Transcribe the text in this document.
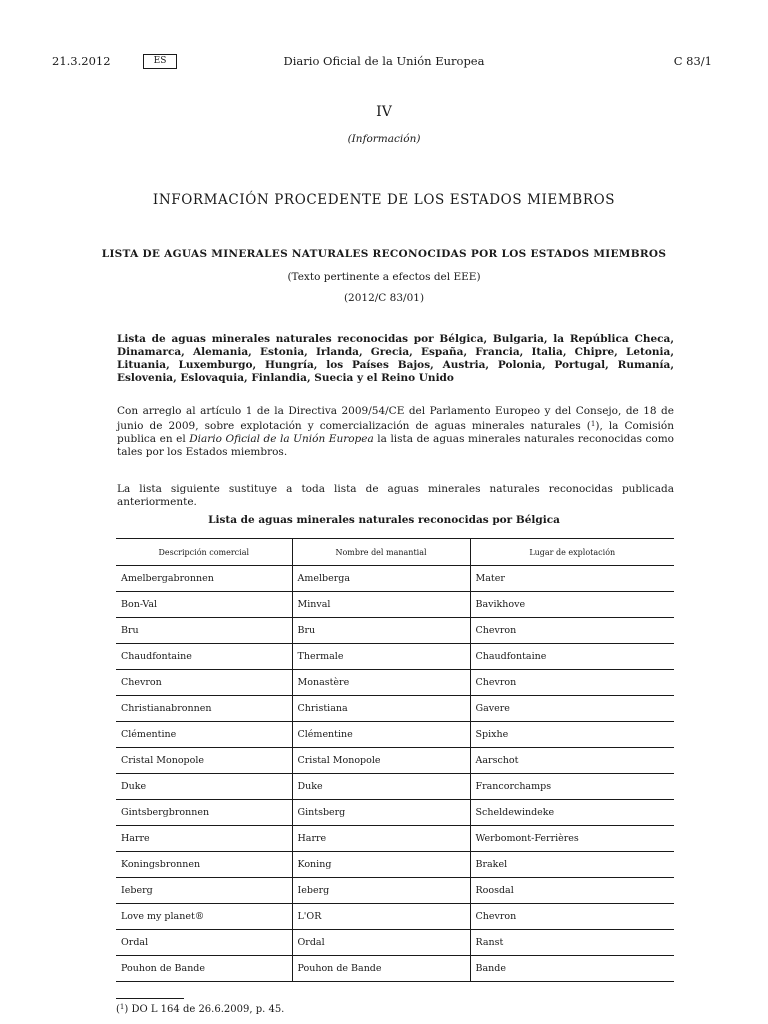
21.3.2012	ES	Diario Oficial de la Unión Europea	C 83/1
IV
(Información)
INFORMACIÓN PROCEDENTE DE LOS ESTADOS MIEMBROS
LISTA DE AGUAS MINERALES NATURALES RECONOCIDAS POR LOS ESTADOS MIEMBROS
(Texto pertinente a efectos del EEE)
(2012/C 83/01)
Lista de aguas minerales naturales reconocidas por Bélgica, Bulgaria, la República Checa, Dinamarca, Alemania, Estonia, Irlanda, Grecia, España, Francia, Italia, Chipre, Letonia, Lituania, Luxemburgo, Hungría, los Países Bajos, Austria, Polonia, Portugal, Rumanía, Eslovenia, Eslovaquia, Finlandia, Suecia y el Reino Unido
Con arreglo al artículo 1 de la Directiva 2009/54/CE del Parlamento Europeo y del Consejo, de 18 de junio de 2009, sobre explotación y comercialización de aguas minerales naturales ($^1$), la Comisión publica en el Diario Oficial de la Unión Europea la lista de aguas minerales naturales reconocidas como tales por los Estados miembros.
La lista siguiente sustituye a toda lista de aguas minerales naturales reconocidas publicada anteriormente.
Lista de aguas minerales naturales reconocidas por Bélgica
Descripción comercial	Nombre del manantial	Lugar de explotación
Amelbergabronnen	Amelberga	Mater
Bon-Val	Minval	Bavikhove
Bru	Bru	Chevron
Chaudfontaine	Thermale	Chaudfontaine
Chevron	Monastère	Chevron
Christianabronnen	Christiana	Gavere
Clémentine	Clémentine	Spixhe
Cristal Monopole	Cristal Monopole	Aarschot
Duke	Duke	Francorchamps
Gintsbergbronnen	Gintsberg	Scheldewindeke
Harre	Harre	Werbomont-Ferrières
Koningsbronnen	Koning	Brakel
Ieberg	Ieberg	Roosdal
Love my planet®	L'OR	Chevron
Ordal	Ordal	Ranst
Pouhon de Bande	Pouhon de Bande	Bande
($^1$) DO L 164 de 26.6.2009, p. 45.
